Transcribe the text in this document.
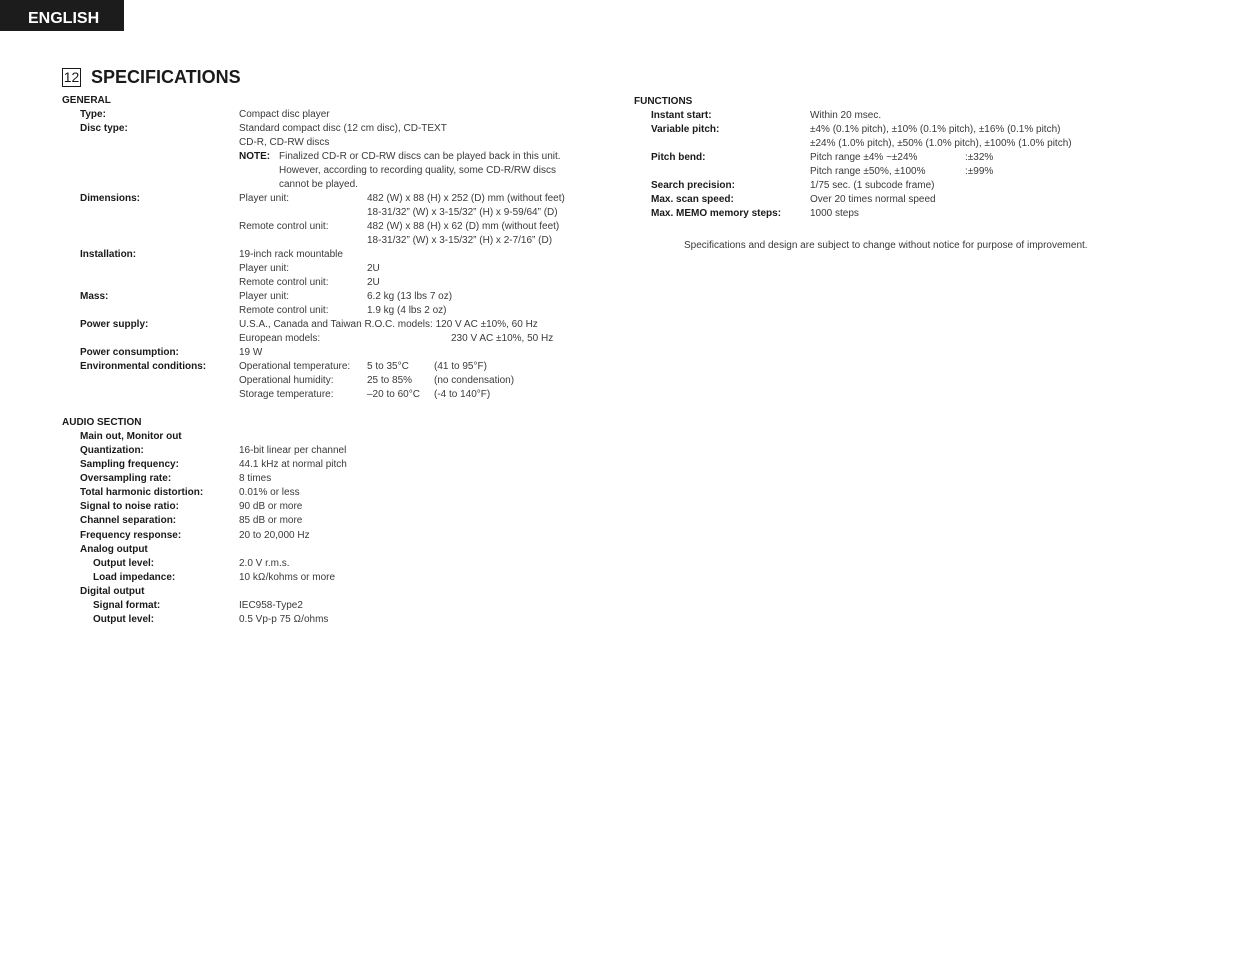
ENGLISH
12 SPECIFICATIONS
GENERAL
Type:	Compact disc player
Disc type:	Standard compact disc (12 cm disc), CD-TEXT
CD-R, CD-RW discs
NOTE: Finalized CD-R or CD-RW discs can be played back in this unit.
However, according to recording quality, some CD-R/RW discs
cannot be played.
Dimensions:	Player unit:	482 (W) x 88 (H) x 252 (D) mm (without feet)
18-31/32” (W) x 3-15/32” (H) x 9-59/64” (D)
Remote control unit:	482 (W) x 88 (H) x 62 (D) mm (without feet)
18-31/32” (W) x 3-15/32” (H) x 2-7/16” (D)
Installation:	19-inch rack mountable
Player unit:	2U
Remote control unit:	2U
Mass:	Player unit:	6.2 kg (13 lbs 7 oz)
Remote control unit:	1.9 kg (4 lbs 2 oz)
Power supply:	U.S.A., Canada and Taiwan R.O.C. models: 120 V AC ±10%, 60 Hz
European models:	230 V AC ±10%, 50 Hz
Power consumption:	19 W
Environmental conditions:	Operational temperature: 5 to 35°C	(41 to 95°F)
Operational humidity:	25 to 85% (no condensation)
Storage temperature:	–20 to 60°C (-4 to 140°F)
AUDIO SECTION
Main out, Monitor out
Quantization:	16-bit linear per channel
Sampling frequency:	44.1 kHz at normal pitch
Oversampling rate:	8 times
Total harmonic distortion:	0.01% or less
Signal to noise ratio:	90 dB or more
Channel separation:	85 dB or more
Frequency response:	20 to 20,000 Hz
Analog output
Output level:	2.0 V r.m.s.
Load impedance:	10 kΩ/kohms or more
Digital output
Signal format:	IEC958-Type2
Output level:	0.5 Vp-p 75 Ω/ohms
FUNCTIONS
Instant start:	Within 20 msec.
Variable pitch:	±4% (0.1% pitch), ±10% (0.1% pitch), ±16% (0.1% pitch)
±24% (1.0% pitch), ±50% (1.0% pitch), ±100% (1.0% pitch)
Pitch bend:	Pitch range ±4% ~±24%	:±32%
Pitch range ±50%, ±100%	:±99%
Search precision:	1/75 sec. (1 subcode frame)
Max. scan speed:	Over 20 times normal speed
Max. MEMO memory steps:	1000 steps
Specifications and design are subject to change without notice for purpose of improvement.
